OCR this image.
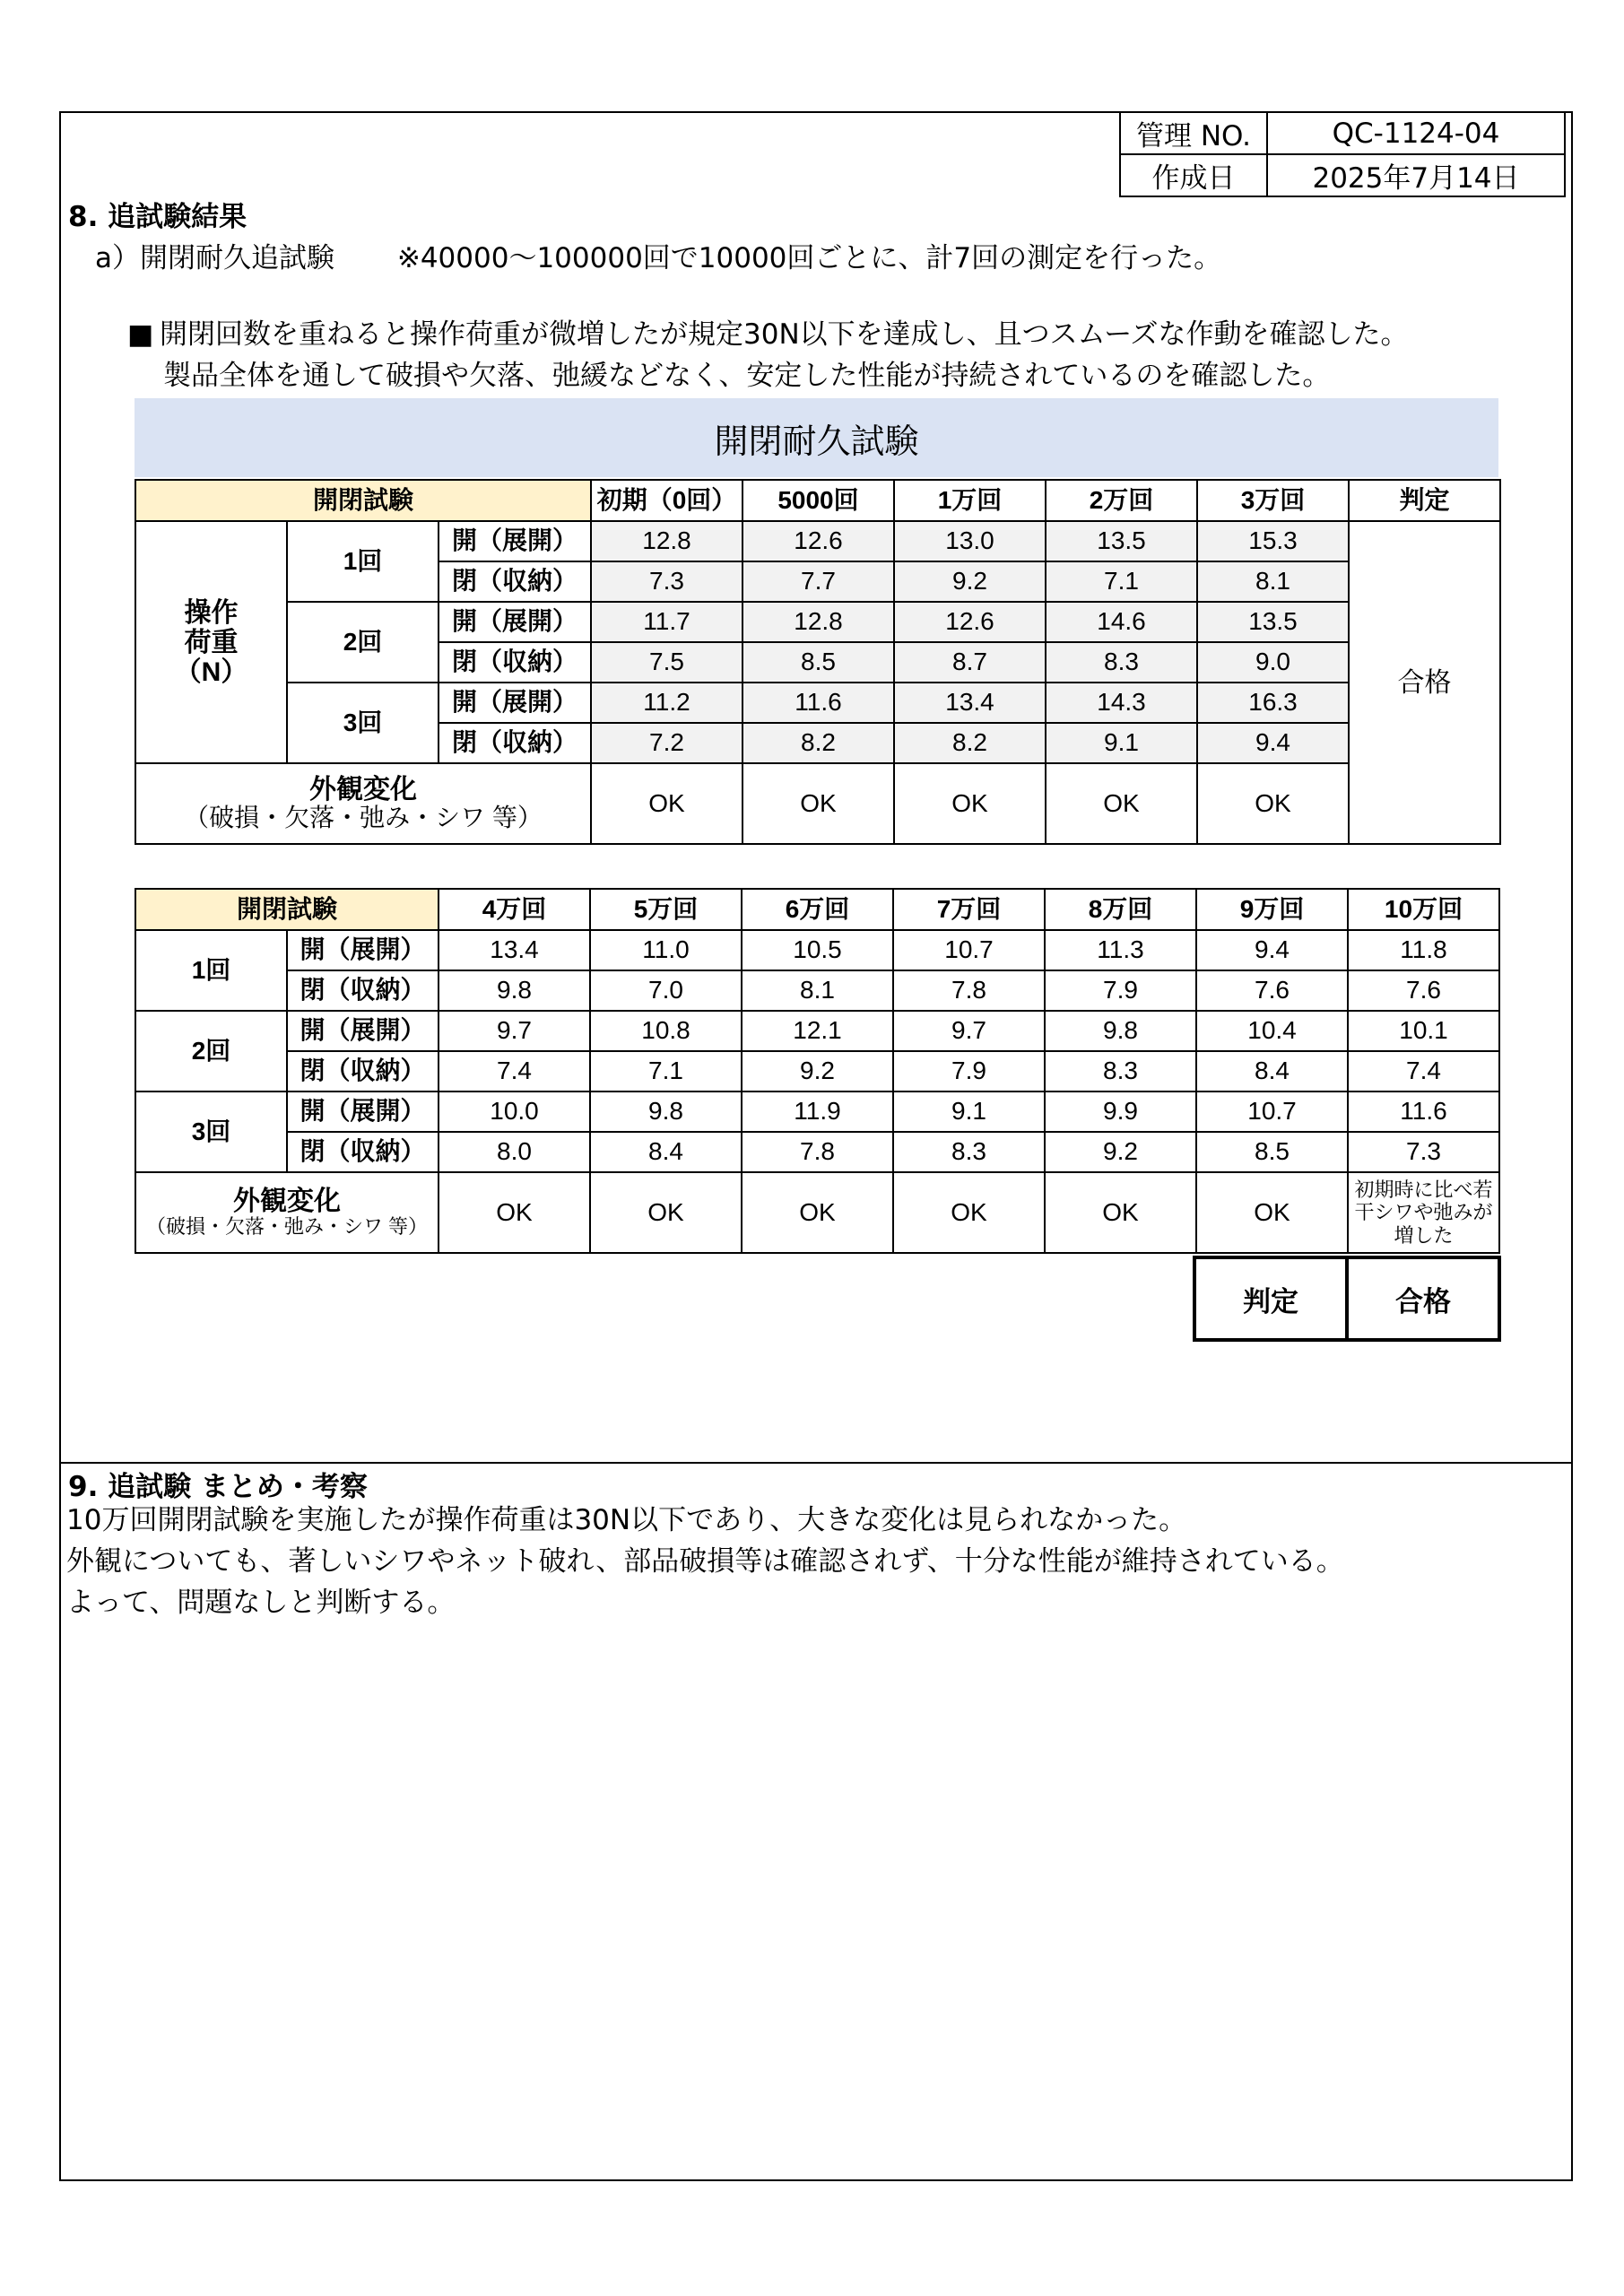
管理 NO.	QC-1124-04
作成日	2025年7月14日
8. 追試験結果
a）開閉耐久追試験 ※40000～100000回で10000回ごとに、計7回の測定を行った。
■ 開閉回数を重ねると操作荷重が微増したが規定30N以下を達成し、且つスムーズな作動を確認した。
製品全体を通して破損や欠落、弛緩などなく、安定した性能が持続されているのを確認した。
開閉耐久試験
開閉試験			初期（0回）	5000回	1万回	2万回	3万回	判定
操作
荷重
（N）	1回	開（展開）	12.8	12.6	13.0	13.5	15.3	合格
		閉（収納）	7.3	7.7	9.2	7.1	8.1	
	2回	開（展開）	11.7	12.8	12.6	14.6	13.5	
		閉（収納）	7.5	8.5	8.7	8.3	9.0	
	3回	開（展開）	11.2	11.6	13.4	14.3	16.3	
		閉（収納）	7.2	8.2	8.2	9.1	9.4	

外観変化
（破損・欠落・弛み・シワ 等）			OK	OK	OK	OK	OK	
開閉試験		4万回	5万回	6万回	7万回	8万回	9万回	10万回
1回	開（展開）	13.4	11.0	10.5	10.7	11.3	9.4	11.8
	閉（収納）	9.8	7.0	8.1	7.8	7.9	7.6	7.6
2回	開（展開）	9.7	10.8	12.1	9.7	9.8	10.4	10.1
	閉（収納）	7.4	7.1	9.2	7.9	8.3	8.4	7.4
3回	開（展開）	10.0	9.8	11.9	9.1	9.9	10.7	11.6
	閉（収納）	8.0	8.4	7.8	8.3	9.2	8.5	7.3

外観変化
（破損・欠落・弛み・シワ 等）		OK	OK	OK	OK	OK	OK	初期時に比べ若干シワや弛みが増した
判定	合格
9. 追試験 まとめ・考察
10万回開閉試験を実施したが操作荷重は30N以下であり、大きな変化は見られなかった。
外観についても、著しいシワやネット破れ、部品破損等は確認されず、十分な性能が維持されている。
よって、問題なしと判断する。
